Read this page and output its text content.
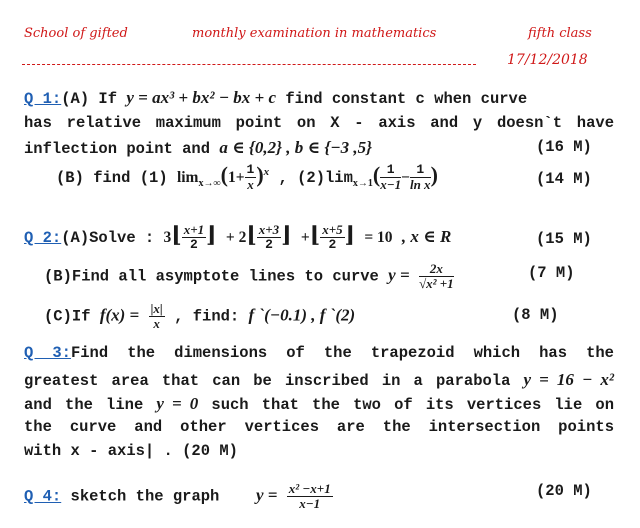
School of gifted	monthly examination in mathematics	fifth class
17/12/2018
Q 1:(A) If y = ax³ + bx² − bx + c find constant c when curve
has relative maximum point on X - axis and y doesn`t have
inflection point and a ∈ {0,2} , b ∈ {−3 ,5}	(16 M)
(B) find (1) $\lim_{x\to\infty}(1+ \frac{1}{x} )^x$ , $(2)\lim_{x\to 1}( \frac{1}{x-1} - \frac{1}{\text{ln x}}$ )	(14 M)
Q 2:(A)Solve : 3⌊ $\frac{x+1}{2}$ ⌋ + 2⌊ $\frac{x+3}{2}$ ⌋ +⌊ $\frac{x+5}{2}$ ⌋ = 10 , x ∈ R	(15 M)
(B)Find all asymptote lines to curve $y = \frac{2x}{\text{√x² +1}}$	(7 M)
(C)If $f(x) = \frac{|x|}{x}$ , find: f `(−0.1) , f `(2)	(8 M)
Q 3:Find the dimensions of the trapezoid which has the
greatest area that can be inscribed in a parabola y = 16 − x²
and the line y = 0 such that the two of its vertices lie on
the curve and other vertices are the intersection points
with x - axis| . (20 M)
Q 4: sketch the graph $y = \frac{\text{x² −x+1}}{x-1}$	(20 M)
